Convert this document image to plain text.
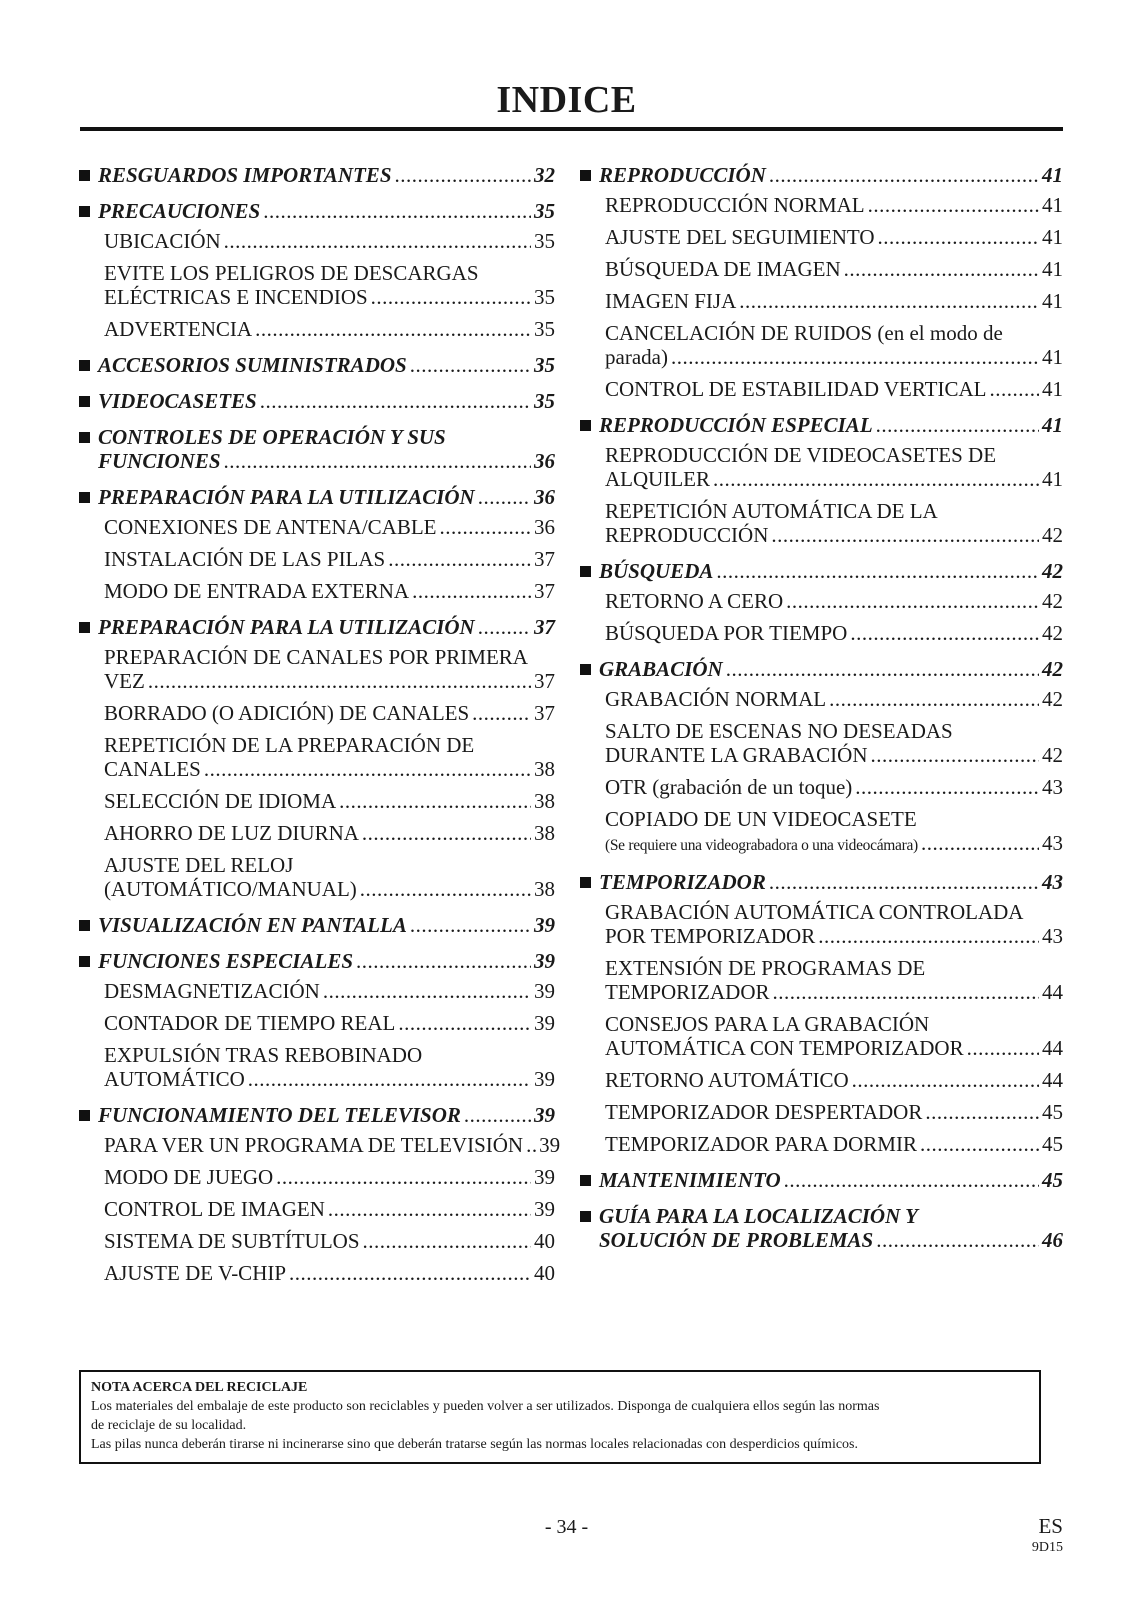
INDICE
RESGUARDOS IMPORTANTES .....	32
PRECAUCIONES .....	35
UBICACIÓN .....	35
EVITE LOS PELIGROS DE DESCARGAS
ELÉCTRICAS E INCENDIOS .....	35
ADVERTENCIA .....	35
ACCESORIOS SUMINISTRADOS .....	35
VIDEOCASETES .....	35
CONTROLES DE OPERACIÓN Y SUS
FUNCIONES .....	36
PREPARACIÓN PARA LA UTILIZACIÓN .....	36
CONEXIONES DE ANTENA/CABLE .....	36
INSTALACIÓN DE LAS PILAS .....	37
MODO DE ENTRADA EXTERNA .....	37
PREPARACIÓN PARA LA UTILIZACIÓN .....	37
PREPARACIÓN DE CANALES POR PRIMERA
VEZ .....	37
BORRADO (O ADICIÓN) DE CANALES .....	37
REPETICIÓN DE LA PREPARACIÓN DE
CANALES .....	38
SELECCIÓN DE IDIOMA .....	38
AHORRO DE LUZ DIURNA .....	38
AJUSTE DEL RELOJ
(AUTOMÁTICO/MANUAL) .....	38
VISUALIZACIÓN EN PANTALLA .....	39
FUNCIONES ESPECIALES .....	39
DESMAGNETIZACIÓN .....	39
CONTADOR DE TIEMPO REAL .....	39
EXPULSIÓN TRAS REBOBINADO
AUTOMÁTICO .....	39
FUNCIONAMIENTO DEL TELEVISOR .....	39
PARA VER UN PROGRAMA DE TELEVISIÓN ..... 39
MODO DE JUEGO .....	39
CONTROL DE IMAGEN .....	39
SISTEMA DE SUBTÍTULOS .....	40
AJUSTE DE V-CHIP .....	40
REPRODUCCIÓN .....	41
REPRODUCCIÓN NORMAL .....	41
AJUSTE DEL SEGUIMIENTO .....	41
BÚSQUEDA DE IMAGEN .....	41
IMAGEN FIJA .....	41
CANCELACIÓN DE RUIDOS (en el modo de
parada) .....	41
CONTROL DE ESTABILIDAD VERTICAL .....	41
REPRODUCCIÓN ESPECIAL .....	41
REPRODUCCIÓN DE VIDEOCASETES DE
ALQUILER .....	41
REPETICIÓN AUTOMÁTICA DE LA
REPRODUCCIÓN .....	42
BÚSQUEDA .....	42
RETORNO A CERO .....	42
BÚSQUEDA POR TIEMPO .....	42
GRABACIÓN .....	42
GRABACIÓN NORMAL .....	42
SALTO DE ESCENAS NO DESEADAS
DURANTE LA GRABACIÓN .....	42
OTR (grabación de un toque) .....	43
COPIADO DE UN VIDEOCASETE
(Se requiere una videograbadora o una videocámara) .....	43
TEMPORIZADOR .....	43
GRABACIÓN AUTOMÁTICA CONTROLADA
POR TEMPORIZADOR .....	43
EXTENSIÓN DE PROGRAMAS DE
TEMPORIZADOR .....	44
CONSEJOS PARA LA GRABACIÓN
AUTOMÁTICA CON TEMPORIZADOR .....	44
RETORNO AUTOMÁTICO .....	44
TEMPORIZADOR DESPERTADOR .....	45
TEMPORIZADOR PARA DORMIR .....	45
MANTENIMIENTO .....	45
GUÍA PARA LA LOCALIZACIÓN Y
SOLUCIÓN DE PROBLEMAS .....	46
NOTA ACERCA DEL RECICLAJE
Los materiales del embalaje de este producto son reciclables y pueden volver a ser utilizados. Disponga de cualquiera ellos según las normas
de reciclaje de su localidad.
Las pilas nunca deberán tirarse ni incinerarse sino que deberán tratarse según las normas locales relacionadas con desperdicios químicos.
- 34 -	ES
9D15
